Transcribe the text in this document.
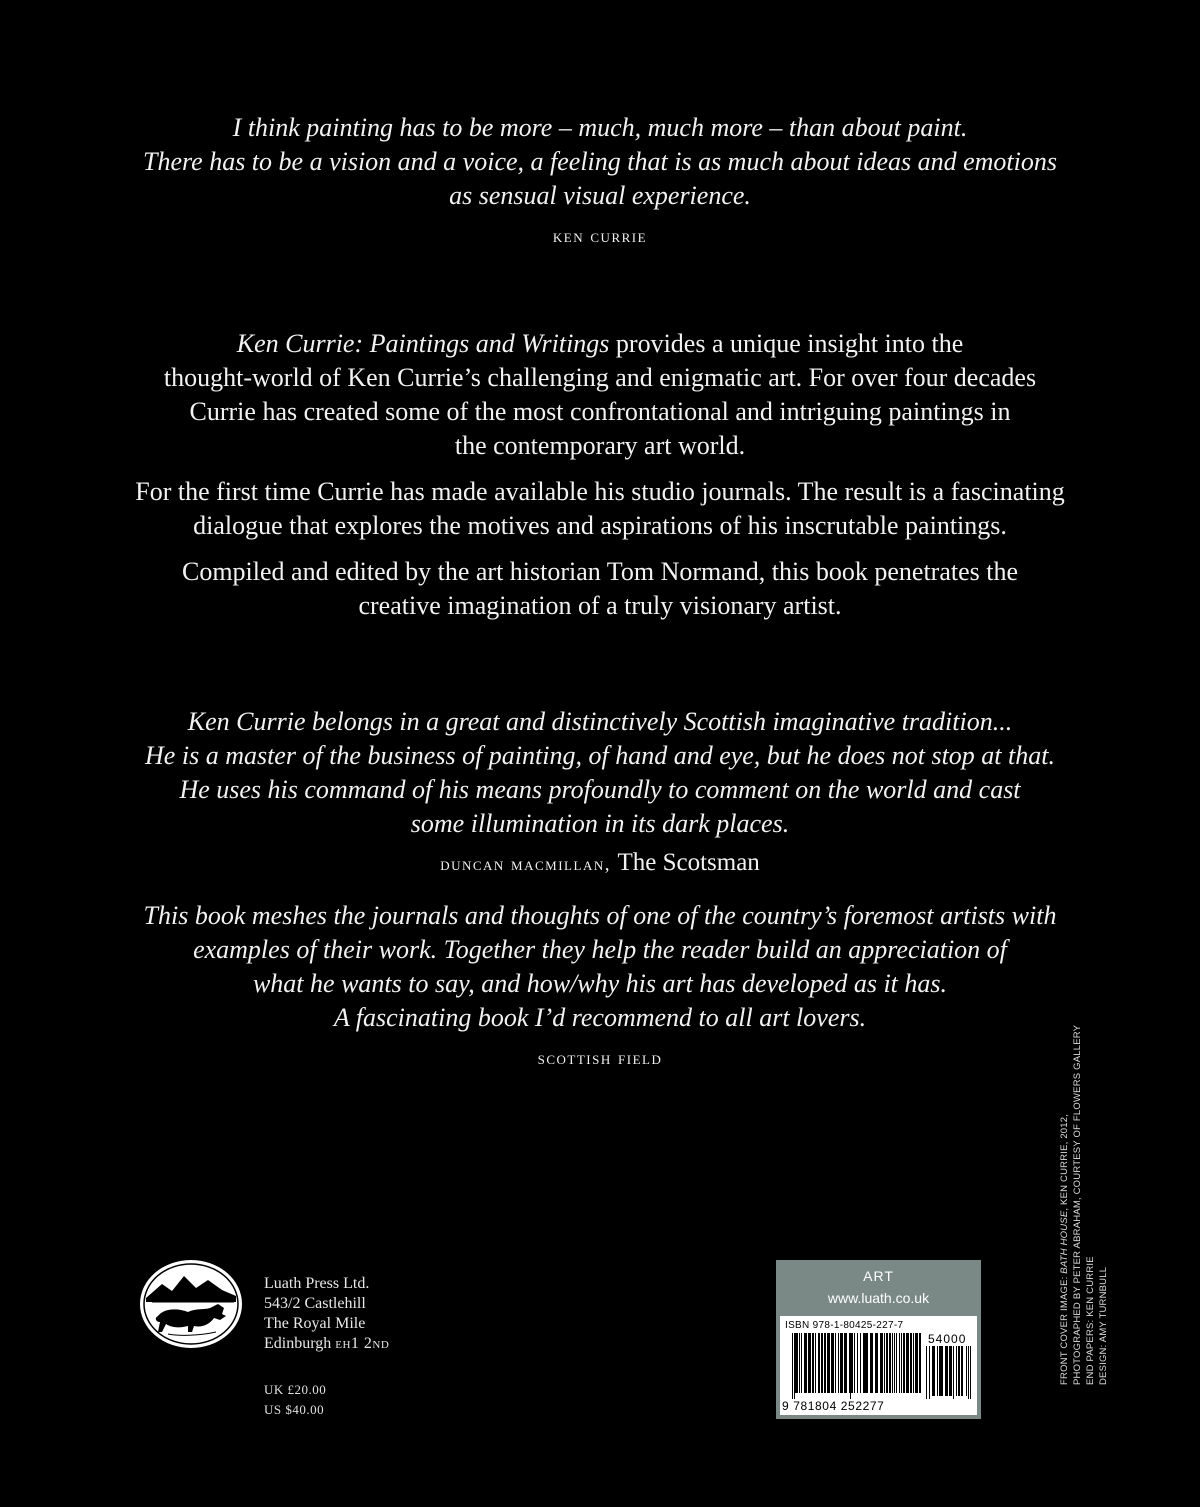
I think painting has to be more – much, much more – than about paint.
There has to be a vision and a voice, a feeling that is as much about ideas and emotions
as sensual visual experience.
ken currie
Ken Currie: Paintings and Writings provides a unique insight into the
thought-world of Ken Currie’s challenging and enigmatic art. For over four decades
Currie has created some of the most confrontational and intriguing paintings in
the contemporary art world.
For the first time Currie has made available his studio journals. The result is a fascinating
dialogue that explores the motives and aspirations of his inscrutable paintings.
Compiled and edited by the art historian Tom Normand, this book penetrates the
creative imagination of a truly visionary artist.
Ken Currie belongs in a great and distinctively Scottish imaginative tradition...
He is a master of the business of painting, of hand and eye, but he does not stop at that.
He uses his command of his means profoundly to comment on the world and cast
some illumination in its dark places.
duncan macmillan, The Scotsman
This book meshes the journals and thoughts of one of the country’s foremost artists with
examples of their work. Together they help the reader build an appreciation of
what he wants to say, and how/why his art has developed as it has.
A fascinating book I’d recommend to all art lovers.
scottish field
Luath Press Ltd.
543/2 Castlehill
The Royal Mile
Edinburgh eh1 2nd
UK £20.00
US $40.00
ART
www.luath.co.uk
ISBN 978-1-80425-227-7
54000
9 781804 252277
FRONT COVER IMAGE: BATH HOUSE, KEN CURRIE, 2012, PHOTOGRAPHED BY PETER ABRAHAM, COURTESY OF FLOWERS GALLERY END PAPERS: KEN CURRIE DESIGN: AMY TURNBULL
